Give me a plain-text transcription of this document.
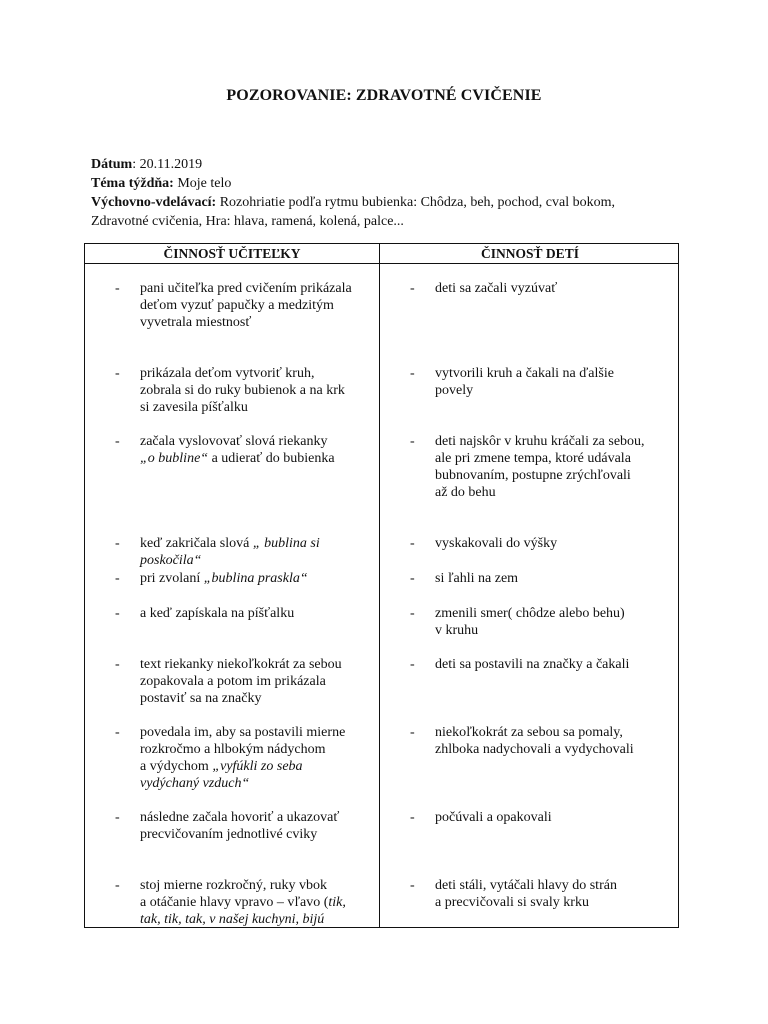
POZOROVANIE: ZDRAVOTNÉ CVIČENIE
Dátum: 20.11.2019
Téma týždňa: Moje telo
Výchovno-vdelávací: Rozohriatie podľa rytmu bubienka: Chôdza, beh, pochod, cval bokom,
Zdravotné cvičenia, Hra: hlava, ramená, kolená, palce...
ČINNOSŤ UČITEĽKY	ČINNOSŤ DETÍ
- pani učiteľka pred cvičením prikázala
deťom vyzuť papučky a medzitým
vyvetrala miestnosť
- prikázala deťom vytvoriť kruh,
zobrala si do ruky bubienok a na krk
si zavesila píšťalku
- začala vyslovovať slová riekanky
„o bubline“ a udierať do bubienka
- keď zakričala slová „ bublina si
poskočila“
- pri zvolaní „bublina praskla“
- a keď zapískala na píšťalku
- text riekanky niekoľkokrát za sebou
zopakovala a potom im prikázala
postaviť sa na značky
- povedala im, aby sa postavili mierne
rozkročmo a hlbokým nádychom
a výdychom „vyfúkli zo seba
vydýchaný vzduch“
- následne začala hovoriť a ukazovať
precvičovaním jednotlivé cviky
- stoj mierne rozkročný, ruky vbok
a otáčanie hlavy vpravo – vľavo (tik,
tak, tik, tak, v našej kuchyni, bijú
- deti sa začali vyzúvať
- vytvorili kruh a čakali na ďalšie
povely
- deti najskôr v kruhu kráčali za sebou,
ale pri zmene tempa, ktoré udávala
bubnovaním, postupne zrýchľovali
až do behu
- vyskakovali do výšky
- si ľahli na zem
- zmenili smer( chôdze alebo behu)
v kruhu
- deti sa postavili na značky a čakali
- niekoľkokrát za sebou sa pomaly,
zhlboka nadychovali a vydychovali
- počúvali a opakovali
- deti stáli, vytáčali hlavy do strán
a precvičovali si svaly krku
